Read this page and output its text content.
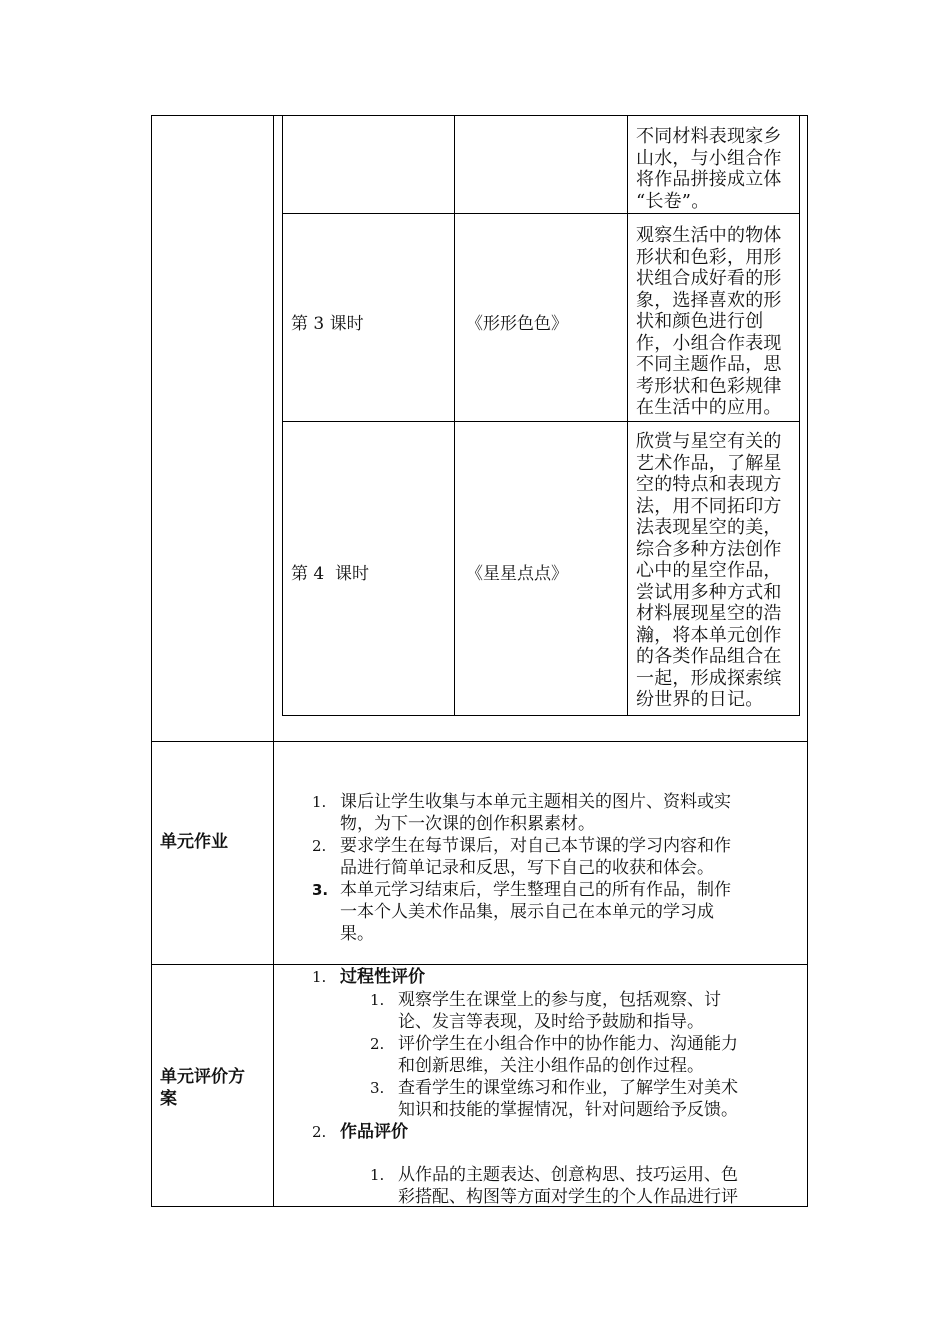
不同材料表现家乡
山水，与小组合作
将作品拼接成立体
“长卷”。
第 3 课时	《形形色色》
观察生活中的物体
形状和色彩，用形
状组合成好看的形
象，选择喜欢的形
状和颜色进行创
作，小组合作表现
不同主题作品，思
考形状和色彩规律
在生活中的应用。
第 4  课时	《星星点点》
欣赏与星空有关的
艺术作品，了解星
空的特点和表现方
法，用不同拓印方
法表现星空的美，
综合多种方法创作
心中的星空作品，
尝试用多种方式和
材料展现星空的浩
瀚，将本单元创作
的各类作品组合在
一起，形成探索缤
纷世界的日记。
单元作业
1. 课后让学生收集与本单元主题相关的图片、资料或实
物，为下一次课的创作积累素材。
2. 要求学生在每节课后，对自己本节课的学习内容和作
品进行简单记录和反思，写下自己的收获和体会。
3. 本单元学习结束后，学生整理自己的所有作品，制作
一本个人美术作品集，展示自己在本单元的学习成
果。
单元评价方
案
1. 过程性评价
1. 观察学生在课堂上的参与度，包括观察、讨
论、发言等表现，及时给予鼓励和指导。
2. 评价学生在小组合作中的协作能力、沟通能力
和创新思维，关注小组作品的创作过程。
3. 查看学生的课堂练习和作业，了解学生对美术
知识和技能的掌握情况，针对问题给予反馈。
2. 作品评价
1. 从作品的主题表达、创意构思、技巧运用、色
彩搭配、构图等方面对学生的个人作品进行评
